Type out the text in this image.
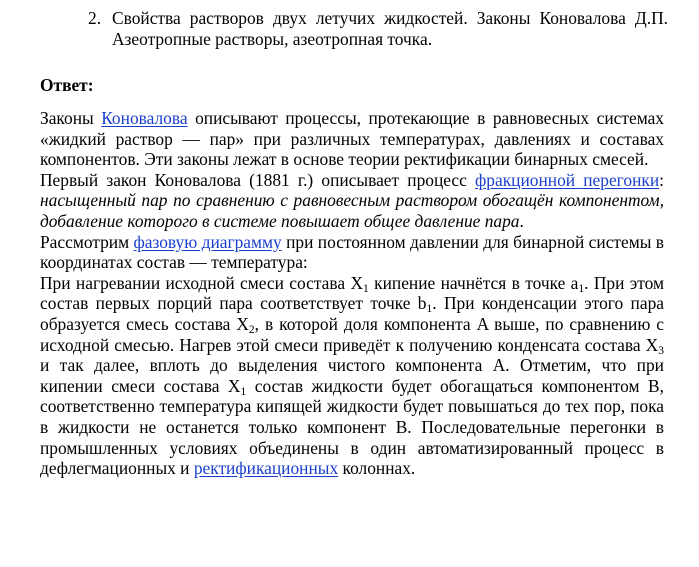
2. Свойства растворов двух летучих жидкостей. Законы Коновалова Д.П. Азеотропные растворы, азеотропная точка.
Ответ:

Законы Коновалова описывают процессы, протекающие в равновесных системах «жидкий раствор — пар» при различных температурах, давлениях и составах компонентов. Эти законы лежат в основе теории ректификации бинарных смесей.

Первый закон Коновалова (1881 г.) описывает процесс фракционной перегонки: насыщенный пар по сравнению с равновесным раствором обогащён компонентом, добавление которого в системе повышает общее давление пара.

Рассмотрим фазовую диаграмму при постоянном давлении для бинарной системы в координатах состав — температура:

При нагревании исходной смеси состава $X_1$ кипение начнётся в точке $a_1$. При этом состав первых порций пара соответствует точке $b_1$. При конденсации этого пара образуется смесь состава $X_2$, в которой доля компонента A выше, по сравнению с исходной смесью. Нагрев этой смеси приведёт к получению конденсата состава $X_3$ и так далее, вплоть до выделения чистого компонента A. Отметим, что при кипении смеси состава $X_1$ состав жидкости будет обогащаться компонентом B, соответственно температура кипящей жидкости будет повышаться до тех пор, пока в жидкости не останется только компонент B. Последовательные перегонки в промышленных условиях объединены в один автоматизированный процесс в дефлегмационных и ректификационных колоннах.
